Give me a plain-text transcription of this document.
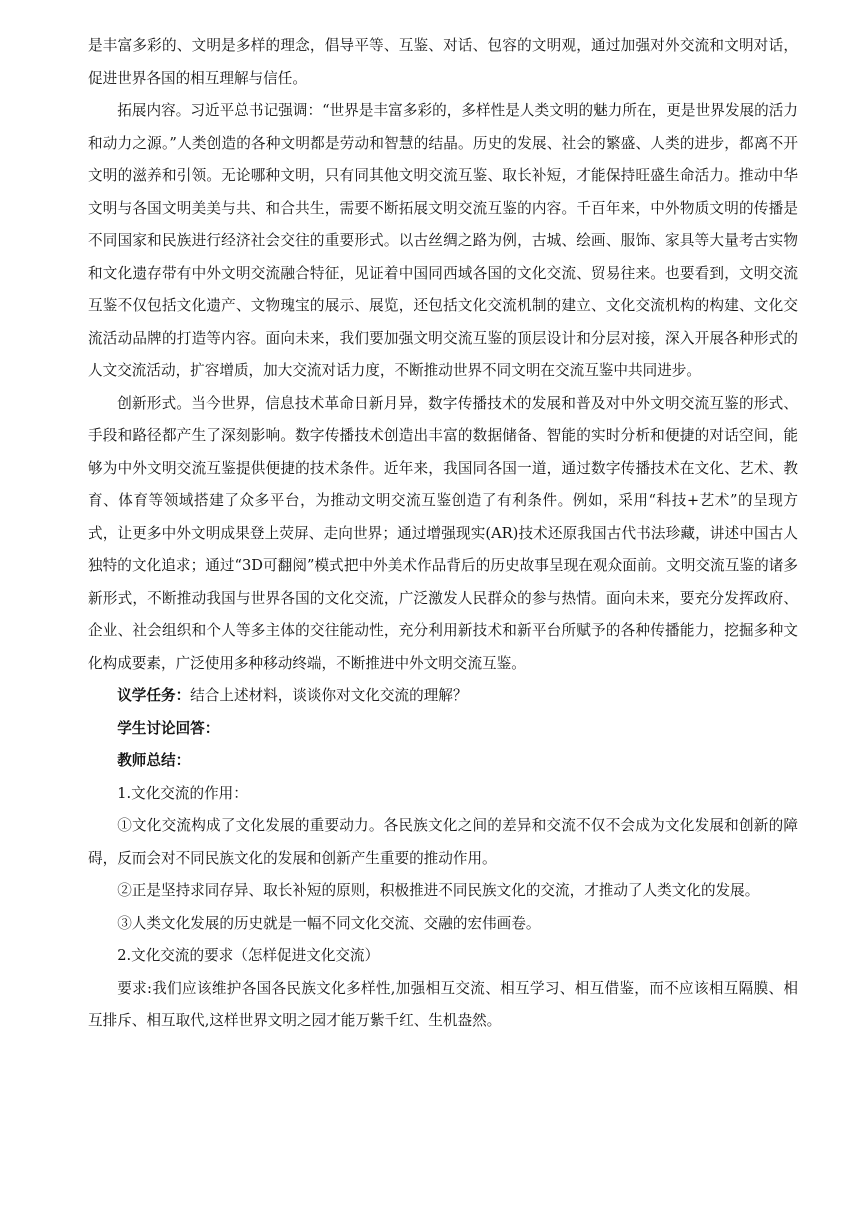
是丰富多彩的、文明是多样的理念，倡导平等、互鉴、对话、包容的文明观，通过加强对外交流和文明对话，促进世界各国的相互理解与信任。

拓展内容。习近平总书记强调：“世界是丰富多彩的，多样性是人类文明的魅力所在，更是世界发展的活力和动力之源。”人类创造的各种文明都是劳动和智慧的结晶。历史的发展、社会的繁盛、人类的进步，都离不开文明的滋养和引领。无论哪种文明，只有同其他文明交流互鉴、取长补短，才能保持旺盛生命活力。推动中华文明与各国文明美美与共、和合共生，需要不断拓展文明交流互鉴的内容。千百年来，中外物质文明的传播是不同国家和民族进行经济社会交往的重要形式。以古丝绸之路为例，古城、绘画、服饰、家具等大量考古实物和文化遗存带有中外文明交流融合特征，见证着中国同西域各国的文化交流、贸易往来。也要看到，文明交流互鉴不仅包括文化遗产、文物瑰宝的展示、展览，还包括文化交流机制的建立、文化交流机构的构建、文化交流活动品牌的打造等内容。面向未来，我们要加强文明交流互鉴的顶层设计和分层对接，深入开展各种形式的人文交流活动，扩容增质，加大交流对话力度，不断推动世界不同文明在交流互鉴中共同进步。

创新形式。当今世界，信息技术革命日新月异，数字传播技术的发展和普及对中外文明交流互鉴的形式、手段和路径都产生了深刻影响。数字传播技术创造出丰富的数据储备、智能的实时分析和便捷的对话空间，能够为中外文明交流互鉴提供便捷的技术条件。近年来，我国同各国一道，通过数字传播技术在文化、艺术、教育、体育等领域搭建了众多平台，为推动文明交流互鉴创造了有利条件。例如，采用“科技+艺术”的呈现方式，让更多中外文明成果登上荧屏、走向世界；通过增强现实(AR)技术还原我国古代书法珍藏，讲述中国古人独特的文化追求；通过“3D可翻阅”模式把中外美术作品背后的历史故事呈现在观众面前。文明交流互鉴的诸多新形式，不断推动我国与世界各国的文化交流，广泛激发人民群众的参与热情。面向未来，要充分发挥政府、企业、社会组织和个人等多主体的交往能动性，充分利用新技术和新平台所赋予的各种传播能力，挖掘多种文化构成要素，广泛使用多种移动终端，不断推进中外文明交流互鉴。

议学任务：结合上述材料，谈谈你对文化交流的理解？

学生讨论回答：

教师总结：

1.文化交流的作用：

①文化交流构成了文化发展的重要动力。各民族文化之间的差异和交流不仅不会成为文化发展和创新的障碍，反而会对不同民族文化的发展和创新产生重要的推动作用。

②正是坚持求同存异、取长补短的原则，积极推进不同民族文化的交流，才推动了人类文化的发展。

③人类文化发展的历史就是一幅不同文化交流、交融的宏伟画卷。

2.文化交流的要求（怎样促进文化交流）

要求:我们应该维护各国各民族文化多样性,加强相互交流、相互学习、相互借鉴，而不应该相互隔膜、相互排斥、相互取代,这样世界文明之园才能万紫千红、生机盎然。
